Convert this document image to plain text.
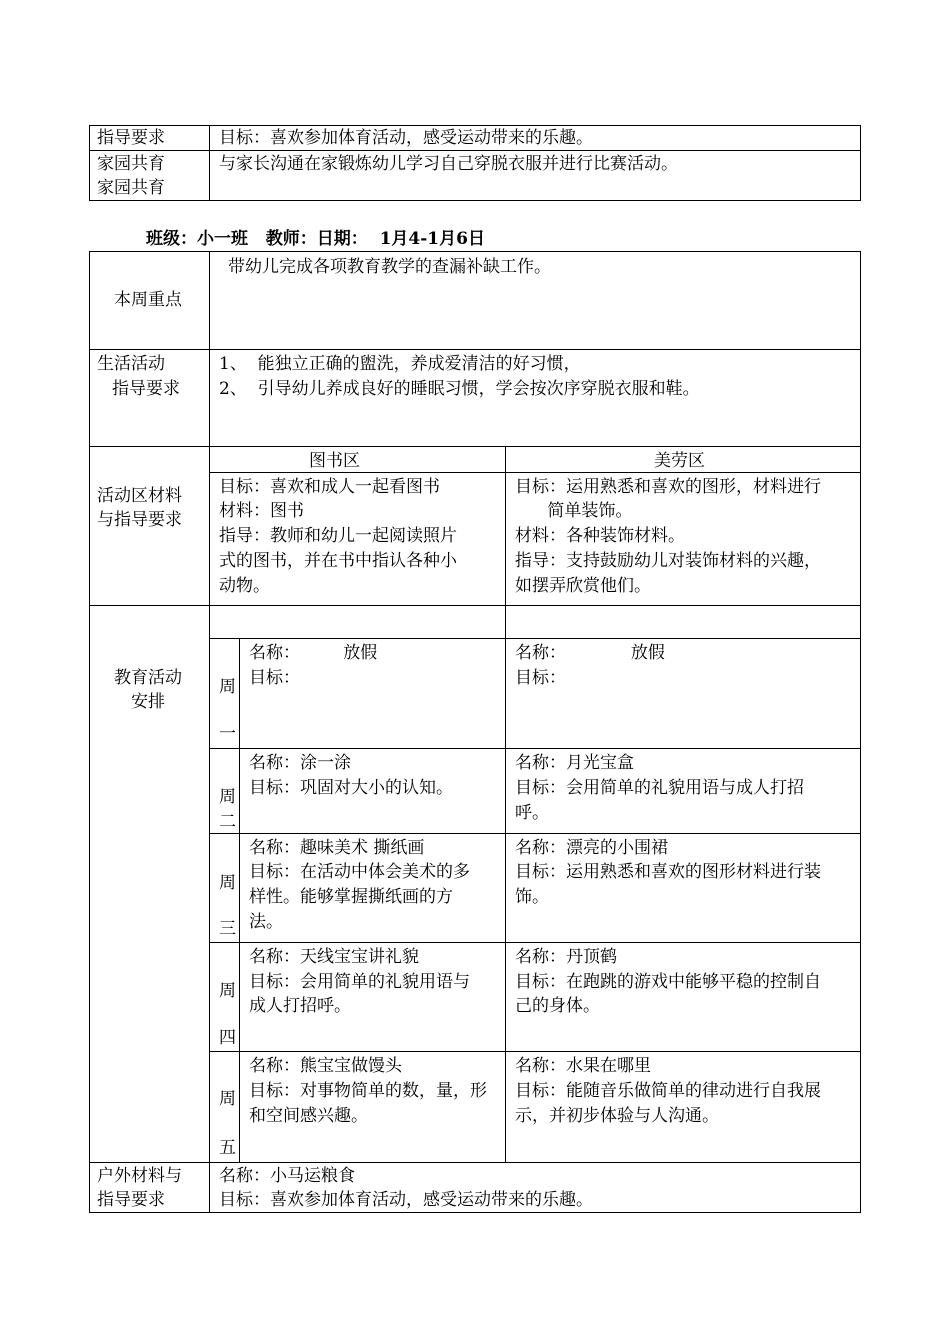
指导要求	目标：喜欢参加体育活动，感受运动带来的乐趣。
家园共育
家园共育
与家长沟通在家锻炼幼儿学习自己穿脱衣服并进行比赛活动。
班级：小一班   教师：日期：  1月4-1月6日
本周重点
带幼儿完成各项教育教学的查漏补缺工作。
生活活动
指导要求
1、  能独立正确的盥洗，养成爱清洁的好习惯，
2、  引导幼儿养成良好的睡眠习惯，学会按次序穿脱衣服和鞋。
活动区材料
与指导要求
图书区	美劳区
目标：喜欢和成人一起看图书
材料：图书
指导：教师和幼儿一起阅读照片
式的图书，并在书中指认各种小
动物。
目标：运用熟悉和喜欢的图形，材料进行
简单装饰。
材料：各种装饰材料。
指导：支持鼓励幼儿对装饰材料的兴趣，
如摆弄欣赏他们。
教育活动
安排
周
一
名称：        放假
目标：
名称：            放假
目标：
周
二
名称：涂一涂
目标：巩固对大小的认知。
名称：月光宝盒
目标：会用简单的礼貌用语与成人打招
呼。
周
三
名称：趣味美术 撕纸画
目标：在活动中体会美术的多
样性。能够掌握撕纸画的方
法。
名称：漂亮的小围裙
目标：运用熟悉和喜欢的图形材料进行装
饰。
周
四
名称：天线宝宝讲礼貌
目标：会用简单的礼貌用语与
成人打招呼。
名称：丹顶鹤
目标：在跑跳的游戏中能够平稳的控制自
己的身体。
周
五
名称：熊宝宝做馒头
目标：对事物简单的数，量，形
和空间感兴趣。
名称：水果在哪里
目标：能随音乐做简单的律动进行自我展
示，并初步体验与人沟通。
户外材料与
指导要求
名称：小马运粮食
目标：喜欢参加体育活动，感受运动带来的乐趣。
